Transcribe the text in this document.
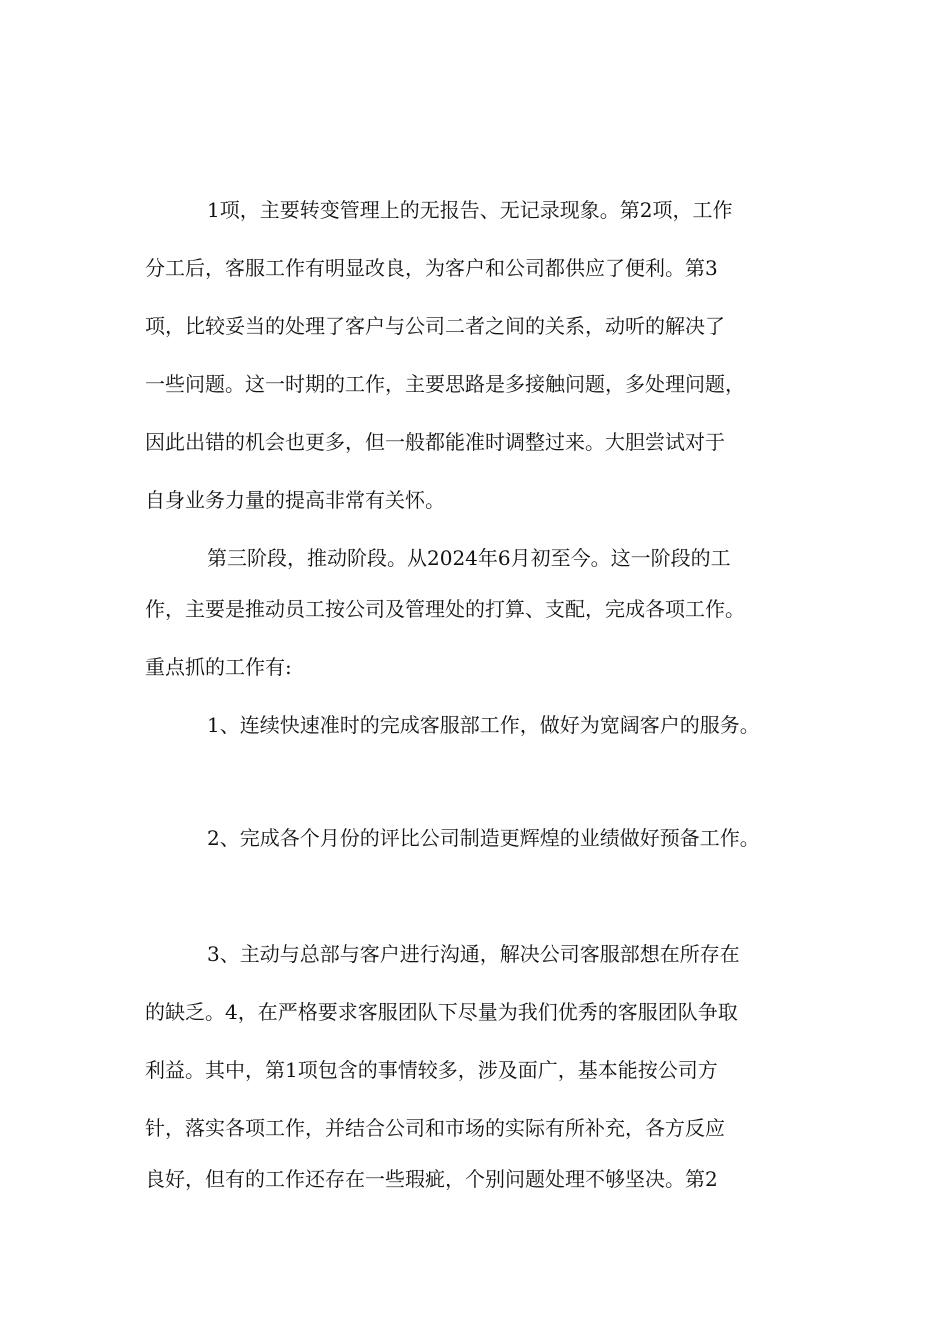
1项，主要转变管理上的无报告、无记录现象。第2项，工作
分工后，客服工作有明显改良，为客户和公司都供应了便利。第3
项，比较妥当的处理了客户与公司二者之间的关系，动听的解决了
一些问题。这一时期的工作，主要思路是多接触问题，多处理问题，
因此出错的机会也更多，但一般都能准时调整过来。大胆尝试对于
自身业务力量的提高非常有关怀。
第三阶段，推动阶段。从2024年6月初至今。这一阶段的工
作，主要是推动员工按公司及管理处的打算、支配，完成各项工作。
重点抓的工作有:
1、连续快速准时的完成客服部工作，做好为宽阔客户的服务。
2、完成各个月份的评比公司制造更辉煌的业绩做好预备工作。
3、主动与总部与客户进行沟通，解决公司客服部想在所存在
的缺乏。4，在严格要求客服团队下尽量为我们优秀的客服团队争取
利益。其中，第1项包含的事情较多，涉及面广，基本能按公司方
针，落实各项工作，并结合公司和市场的实际有所补充，各方反应
良好，但有的工作还存在一些瑕疵，个别问题处理不够坚决。第2
